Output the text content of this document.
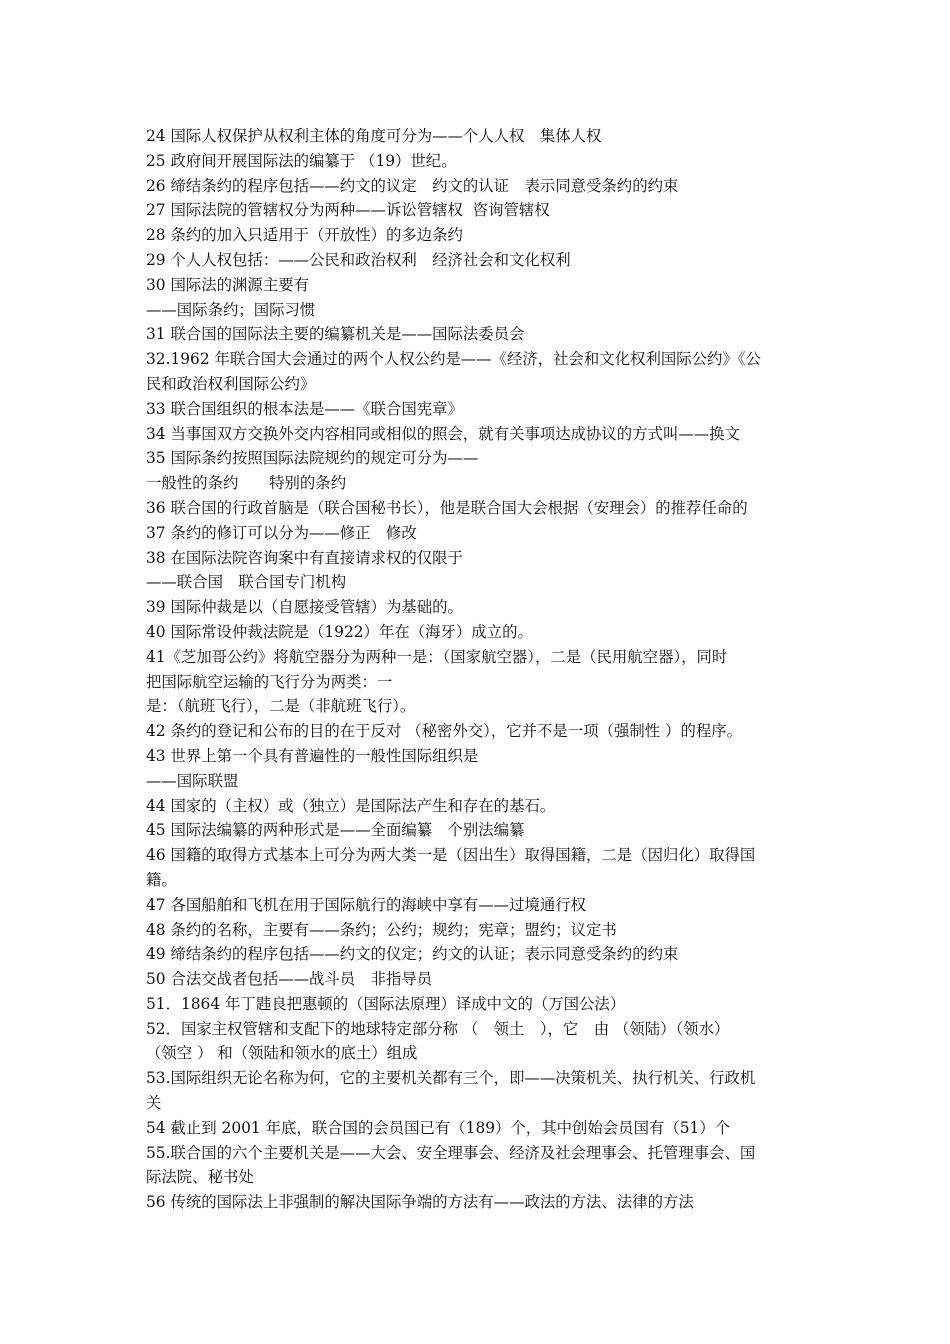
24 国际人权保护从权利主体的角度可分为——个人人权　集体人权
25 政府间开展国际法的编纂于 （19）世纪。
26 缔结条约的程序包括——约文的议定　约文的认证　表示同意受条约的约束
27 国际法院的管辖权分为两种——诉讼管辖权  咨询管辖权
28 条约的加入只适用于（开放性）的多边条约
29 个人人权包括：——公民和政治权利　经济社会和文化权利
30 国际法的渊源主要有
——国际条约；国际习惯
31 联合国的国际法主要的编纂机关是——国际法委员会
32.1962 年联合国大会通过的两个人权公约是——《经济，社会和文化权利国际公约》《公
民和政治权利国际公约》
33 联合国组织的根本法是——《联合国宪章》
34 当事国双方交换外交内容相同或相似的照会，就有关事项达成协议的方式叫——换文
35 国际条约按照国际法院规约的规定可分为——
一般性的条约　　特别的条约
36 联合国的行政首脑是（联合国秘书长），他是联合国大会根据（安理会）的推荐任命的
37 条约的修订可以分为——修正　修改
38 在国际法院咨询案中有直接请求权的仅限于
——联合国　联合国专门机构
39 国际仲裁是以（自愿接受管辖）为基础的。
40 国际常设仲裁法院是（1922）年在（海牙）成立的。
41《芝加哥公约》将航空器分为两种一是：（国家航空器），二是（民用航空器），同时
把国际航空运输的飞行分为两类：一
是：（航班飞行），二是（非航班飞行）。
42 条约的登记和公布的目的在于反对 （秘密外交），它并不是一项（强制性 ）的程序。
43 世界上第一个具有普遍性的一般性国际组织是
——国际联盟
44 国家的（主权）或（独立）是国际法产生和存在的基石。
45 国际法编纂的两种形式是——全面编纂　个别法编纂
46 国籍的取得方式基本上可分为两大类一是（因出生）取得国籍，二是（因归化）取得国
籍。
47 各国船舶和飞机在用于国际航行的海峡中享有——过境通行权
48 条约的名称，主要有——条约；公约；规约；宪章；盟约；议定书
49 缔结条约的程序包括——约文的仪定；约文的认证；表示同意受条约的约束
50 合法交战者包括——战斗员　非指导员
51．1864 年丁韪良把惠顿的（国际法原理）译成中文的（万国公法）
52．国家主权管辖和支配下的地球特定部分称 （　领土　），它　由 （领陆）（领水）
（领空 ） 和（领陆和领水的底土）组成
53.国际组织无论名称为何，它的主要机关都有三个，即——决策机关、执行机关、行政机
关
54 截止到 2001 年底，联合国的会员国已有（189）个，其中创始会员国有（51）个
55.联合国的六个主要机关是——大会、安全理事会、经济及社会理事会、托管理事会、国
际法院、秘书处
56 传统的国际法上非强制的解决国际争端的方法有——政法的方法、法律的方法
